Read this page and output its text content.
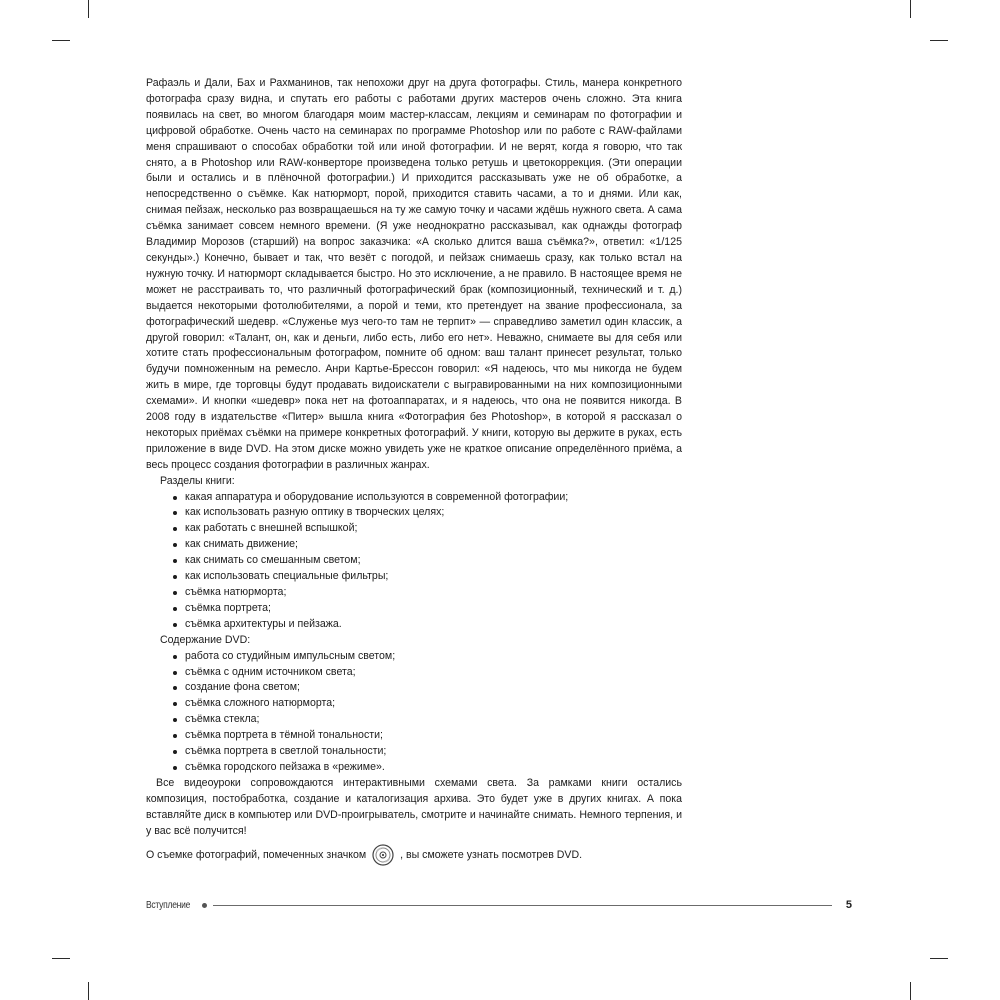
Рафаэль и Дали, Бах и Рахманинов, так непохожи друг на друга фотографы. Стиль, манера конкретного фотографа сразу видна, и спутать его работы с работами других мастеров очень сложно. Эта книга появилась на свет, во многом благодаря моим мастер-классам, лекциям и семинарам по фотографии и цифровой обработке. Очень часто на семинарах по программе Photoshop или по работе с RAW-файлами меня спрашивают о способах обработки той или иной фотографии. И не верят, когда я говорю, что так снято, а в Photoshop или RAW-конверторе произведена только ретушь и цветокоррекция. (Эти операции были и остались и в плёночной фотографии.) И приходится рассказывать уже не об обработке, а непосредственно о съёмке. Как натюрморт, порой, приходится ставить часами, а то и днями. Или как, снимая пейзаж, несколько раз возвращаешься на ту же самую точку и часами ждёшь нужного света. А сама съёмка занимает совсем немного времени. (Я уже неоднократно рассказывал, как однажды фотограф Владимир Морозов (старший) на вопрос заказчика: «А сколько длится ваша съёмка?», ответил: «1/125 секунды».) Конечно, бывает и так, что везёт с погодой, и пейзаж снимаешь сразу, как только встал на нужную точку. И натюрморт складывается быстро. Но это исключение, а не правило. В настоящее время не может не расстраивать то, что различный фотографический брак (композиционный, технический и т. д.) выдается некоторыми фотолюбителями, а порой и теми, кто претендует на звание профессионала, за фотографический шедевр. «Служенье муз чего-то там не терпит» — справедливо заметил один классик, а другой говорил: «Талант, он, как и деньги, либо есть, либо его нет». Неважно, снимаете вы для себя или хотите стать профессиональным фотографом, помните об одном: ваш талант принесет результат, только будучи помноженным на ремесло. Анри Картье-Брессон говорил: «Я надеюсь, что мы никогда не будем жить в мире, где торговцы будут продавать видоискатели с выгравированными на них композиционными схемами». И кнопки «шедевр» пока нет на фотоаппаратах, и я надеюсь, что она не появится никогда. В 2008 году в издательстве «Питер» вышла книга «Фотография без Photoshop», в которой я рассказал о некоторых приёмах съёмки на примере конкретных фотографий. У книги, которую вы держите в руках, есть приложение в виде DVD. На этом диске можно увидеть уже не краткое описание определённого приёма, а весь процесс создания фотографии в различных жанрах.

Разделы книги:

какая аппаратура и оборудование используются в современной фотографии;
как использовать разную оптику в творческих целях;
как работать с внешней вспышкой;
как снимать движение;
как снимать со смешанным светом;
как использовать специальные фильтры;
съёмка натюрморта;
съёмка портрета;
съёмка архитектуры и пейзажа.

Содержание DVD:

работа со студийным импульсным светом;
съёмка с одним источником света;
создание фона светом;
съёмка сложного натюрморта;
съёмка стекла;
съёмка портрета в тёмной тональности;
съёмка портрета в светлой тональности;
съёмка городского пейзажа в «режиме».

Все видеоуроки сопровождаются интерактивными схемами света. За рамками книги остались композиция, постобработка, создание и каталогизация архива. Это будет уже в других книгах. А пока вставляйте диск в компьютер или DVD-проигрыватель, смотрите и начинайте снимать. Немного терпения, и у вас всё получится!

О съемке фотографий, помеченных значком	, вы сможете узнать посмотрев DVD.

Вступление	5
